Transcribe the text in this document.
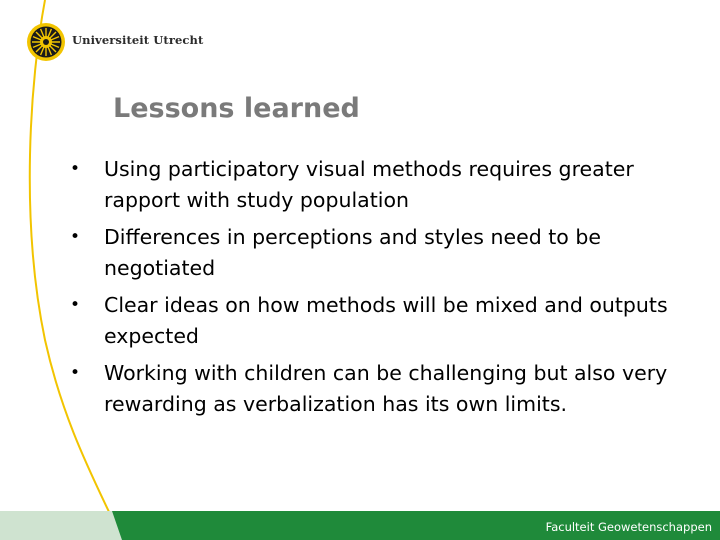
Universiteit Utrecht
Lessons learned
• Using participatory visual methods requires greater rapport with study population
• Differences in perceptions and styles need to be negotiated
• Clear ideas on how methods will be mixed and outputs expected
• Working with children can be challenging but also very rewarding as verbalization has its own limits.
Faculteit Geowetenschappen
